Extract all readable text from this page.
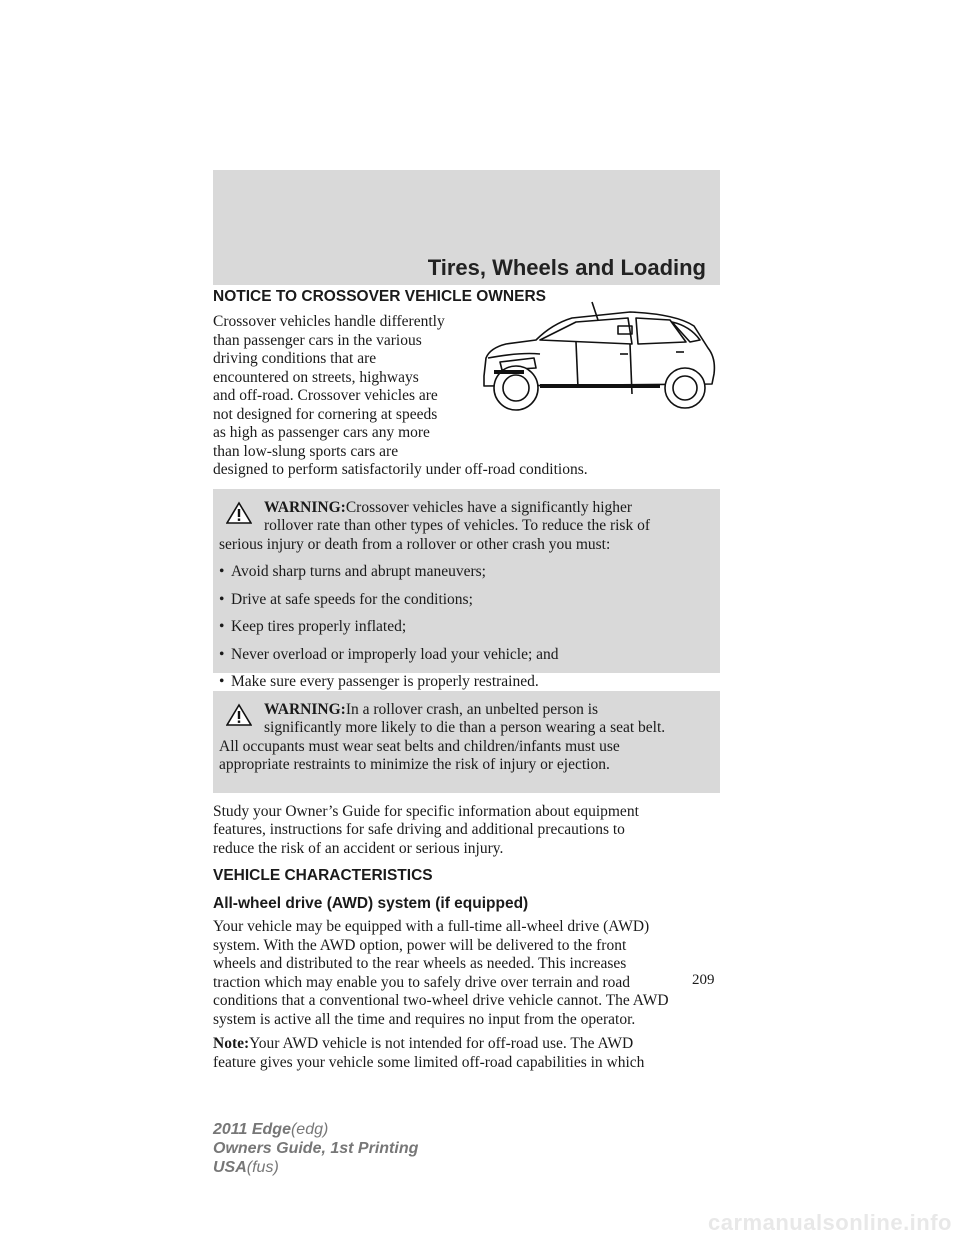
Tires, Wheels and Loading
NOTICE TO CROSSOVER VEHICLE OWNERS
Crossover vehicles handle differently
than passenger cars in the various
driving conditions that are
encountered on streets, highways
and off-road. Crossover vehicles are
not designed for cornering at speeds
as high as passenger cars any more
than low-slung sports cars are
designed to perform satisfactorily under off-road conditions.
WARNING:Crossover vehicles have a significantly higher
rollover rate than other types of vehicles. To reduce the risk of
serious injury or death from a rollover or other crash you must:
• Avoid sharp turns and abrupt maneuvers;
• Drive at safe speeds for the conditions;
• Keep tires properly inflated;
• Never overload or improperly load your vehicle; and
• Make sure every passenger is properly restrained.
WARNING:In a rollover crash, an unbelted person is
significantly more likely to die than a person wearing a seat belt.
All occupants must wear seat belts and children/infants must use
appropriate restraints to minimize the risk of injury or ejection.
Study your Owner’s Guide for specific information about equipment
features, instructions for safe driving and additional precautions to
reduce the risk of an accident or serious injury.
VEHICLE CHARACTERISTICS
All-wheel drive (AWD) system (if equipped)
Your vehicle may be equipped with a full-time all-wheel drive (AWD)
system. With the AWD option, power will be delivered to the front
wheels and distributed to the rear wheels as needed. This increases
traction which may enable you to safely drive over terrain and road
conditions that a conventional two-wheel drive vehicle cannot. The AWD
system is active all the time and requires no input from the operator.
Note:Your AWD vehicle is not intended for off-road use. The AWD
feature gives your vehicle some limited off-road capabilities in which
209
2011 Edge(edg)
Owners Guide, 1st Printing
USA(fus)
carmanualsonline.info
